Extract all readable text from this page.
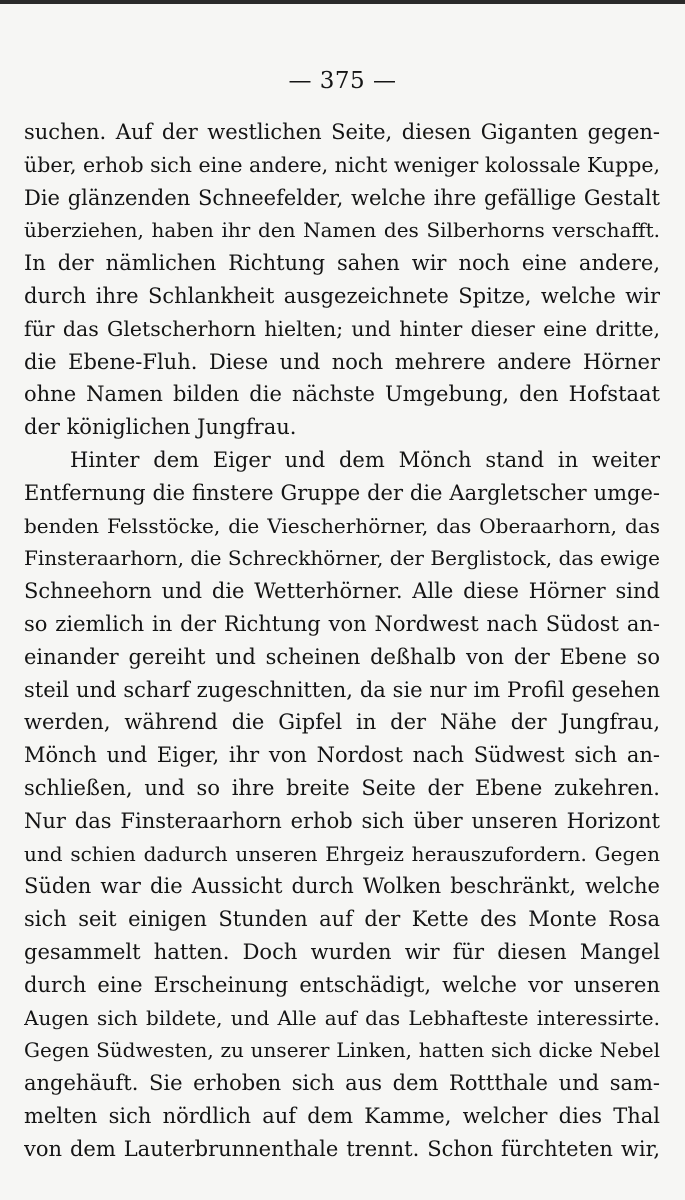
— 375 —
suchen. Auf der westlichen Seite, diesen Giganten gegen-
über, erhob sich eine andere, nicht weniger kolossale Kuppe,
Die glänzenden Schneefelder, welche ihre gefällige Gestalt
überziehen, haben ihr den Namen des Silberhorns verschafft.
In der nämlichen Richtung sahen wir noch eine andere,
durch ihre Schlankheit ausgezeichnete Spitze, welche wir
für das Gletscherhorn hielten; und hinter dieser eine dritte,
die Ebene-Fluh. Diese und noch mehrere andere Hörner
ohne Namen bilden die nächste Umgebung, den Hofstaat
der königlichen Jungfrau.
Hinter dem Eiger und dem Mönch stand in weiter
Entfernung die finstere Gruppe der die Aargletscher umge-
benden Felsstöcke, die Viescherhörner, das Oberaarhorn, das
Finsteraarhorn, die Schreckhörner, der Berglistock, das ewige
Schneehorn und die Wetterhörner. Alle diese Hörner sind
so ziemlich in der Richtung von Nordwest nach Südost an-
einander gereiht und scheinen deßhalb von der Ebene so
steil und scharf zugeschnitten, da sie nur im Profil gesehen
werden, während die Gipfel in der Nähe der Jungfrau,
Mönch und Eiger, ihr von Nordost nach Südwest sich an-
schließen, und so ihre breite Seite der Ebene zukehren.
Nur das Finsteraarhorn erhob sich über unseren Horizont
und schien dadurch unseren Ehrgeiz herauszufordern. Gegen
Süden war die Aussicht durch Wolken beschränkt, welche
sich seit einigen Stunden auf der Kette des Monte Rosa
gesammelt hatten. Doch wurden wir für diesen Mangel
durch eine Erscheinung entschädigt, welche vor unseren
Augen sich bildete, und Alle auf das Lebhafteste interessirte.
Gegen Südwesten, zu unserer Linken, hatten sich dicke Nebel
angehäuft. Sie erhoben sich aus dem Rottthale und sam-
melten sich nördlich auf dem Kamme, welcher dies Thal
von dem Lauterbrunnenthale trennt. Schon fürchteten wir,
